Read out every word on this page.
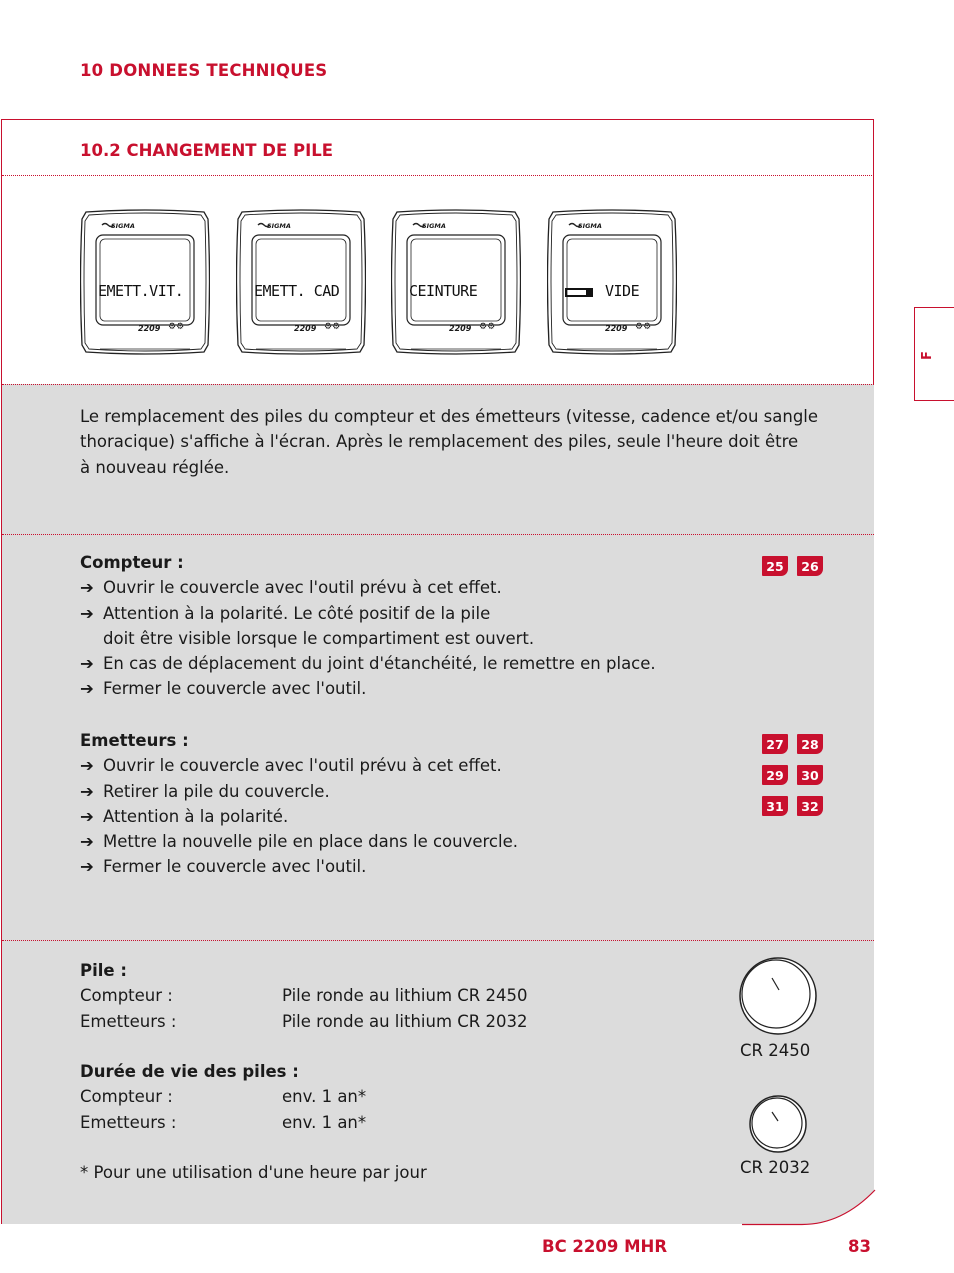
10 DONNEES TECHNIQUES
10.2 CHANGEMENT DE PILE
SIGMA
EMETT.VIT.
2209 ⚙⚙
SIGMA
EMETT. CAD
2209 ⚙⚙
SIGMA
CEINTURE
2209 ⚙⚙
SIGMA
VIDE
2209 ⚙⚙
Le remplacement des piles du compteur et des émetteurs (vitesse, cadence et/ou sangle
thoracique) s'affiche à l'écran. Après le remplacement des piles, seule l'heure doit être
à nouveau réglée.
Compteur :
➔ Ouvrir le couvercle avec l'outil prévu à cet effet.
➔ Attention à la polarité. Le côté positif de la pile
doit être visible lorsque le compartiment est ouvert.
➔ En cas de déplacement du joint d'étanchéité, le remettre en place.
➔ Fermer le couvercle avec l'outil.
Emetteurs :
➔ Ouvrir le couvercle avec l'outil prévu à cet effet.
➔ Retirer la pile du couvercle.
➔ Attention à la polarité.
➔ Mettre la nouvelle pile en place dans le couvercle.
➔ Fermer le couvercle avec l'outil.
25	26
27	28
29	30
31	32
Pile :
Compteur :	Pile ronde au lithium CR 2450
Emetteurs :	Pile ronde au lithium CR 2032
Durée de vie des piles :
Compteur :	env. 1 an*
Emetteurs :	env. 1 an*
* Pour une utilisation d'une heure par jour
CR 2450
CR 2032
F
BC 2209 MHR	83
